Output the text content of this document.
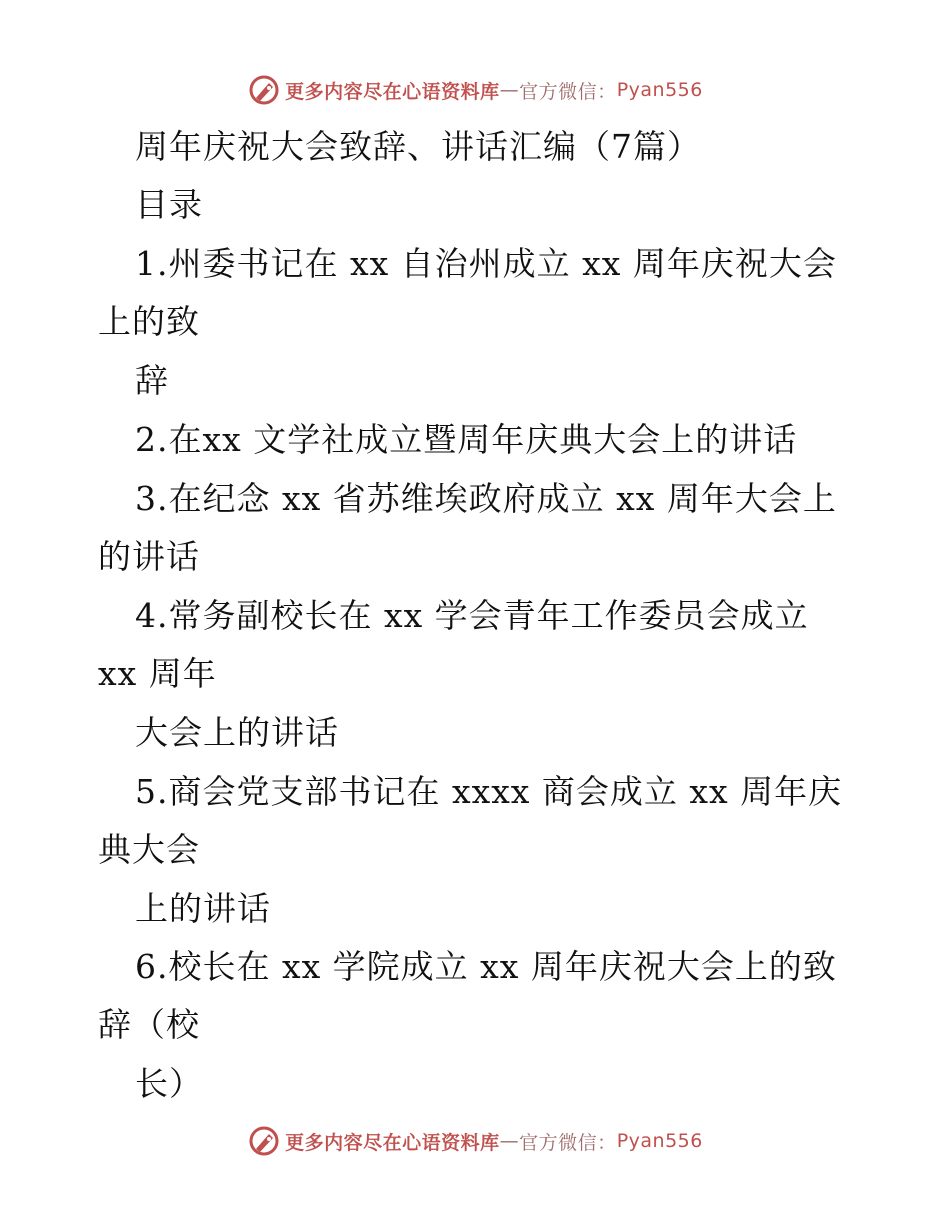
更多内容尽在心语资料库 — 官方微信： Pyan556
周年庆祝大会致辞、讲话汇编（7篇）
目录
1.州委书记在 xx 自治州成立 xx 周年庆祝大会
上的致
辞
2.在xx 文学社成立暨周年庆典大会上的讲话
3.在纪念 xx 省苏维埃政府成立 xx 周年大会上
的讲话
4.常务副校长在 xx 学会青年工作委员会成立
xx 周年
大会上的讲话
5.商会党支部书记在 xxxx 商会成立 xx 周年庆
典大会
上的讲话
6.校长在 xx 学院成立 xx 周年庆祝大会上的致
辞（校
长）
更多内容尽在心语资料库 — 官方微信： Pyan556
